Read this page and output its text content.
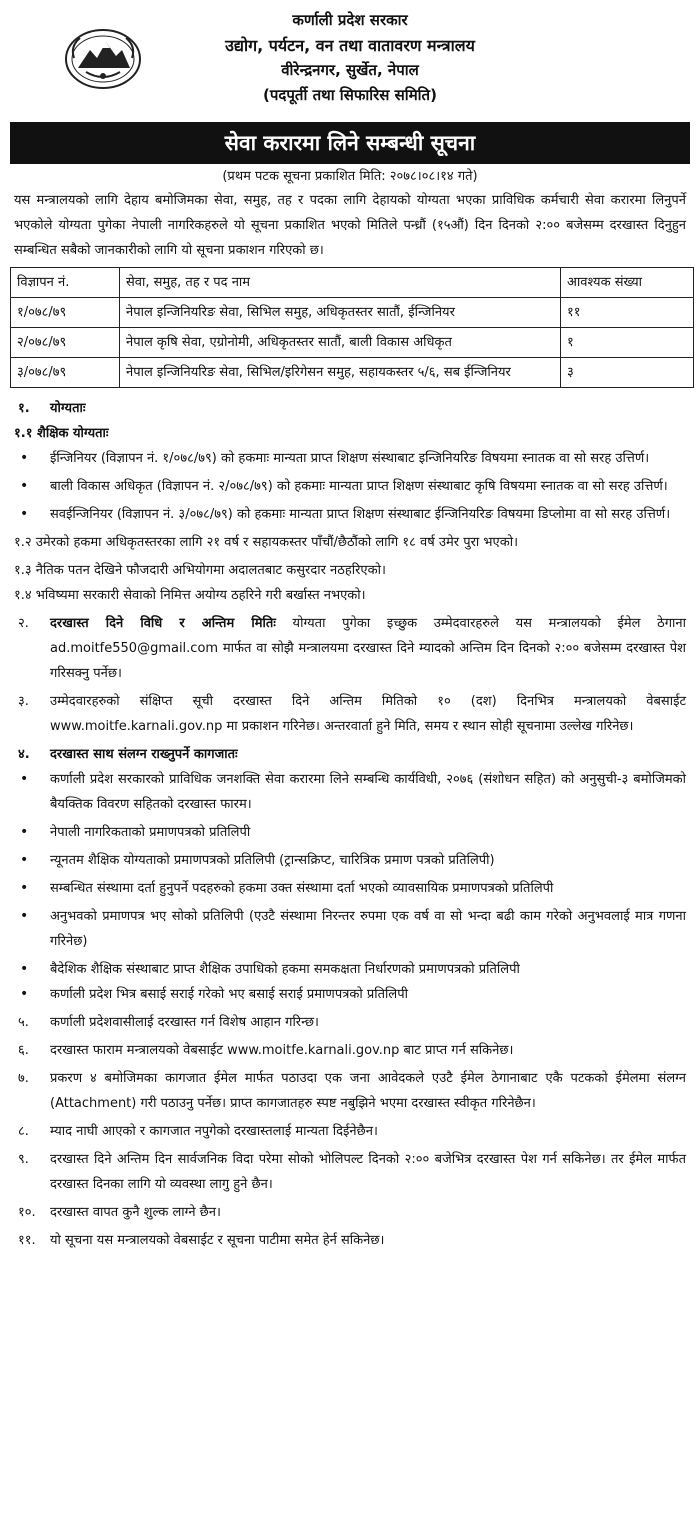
कर्णाली प्रदेश सरकार

उद्योग, पर्यटन, वन तथा वातावरण मन्त्रालय

वीरेन्द्रनगर, सुर्खेत, नेपाल

(पदपूर्ती तथा सिफारिस समिति)

सेवा करारमा लिने सम्बन्धी सूचना
(प्रथम पटक सूचना प्रकाशित मिति: २०७८।०८।१४ गते)
यस मन्त्रालयको लागि देहाय बमोजिमका सेवा, समुह, तह र पदका लागि देहायको योग्यता भएका प्राविधिक कर्मचारी सेवा करारमा लिनुपर्ने भएकोले योग्यता पुगेका नेपाली नागरिकहरुले यो सूचना प्रकाशित भएको मितिले पन्ध्रौं (१५औं) दिन दिनको २:०० बजेसम्म दरखास्त दिनुहुन सम्बन्धित सबैको जानकारीको लागि यो सूचना प्रकाशन गरिएको छ।
विज्ञापन नं.	सेवा, समुह, तह र पद नाम	आवश्यक संख्या
१/०७८/७९	नेपाल इन्जिनियरिङ सेवा, सिभिल समुह, अधिकृतस्तर सातौं, ईन्जिनियर	११
२/०७८/७९	नेपाल कृषि सेवा, एग्रोनोमी, अधिकृतस्तर सातौं, बाली विकास अधिकृत	१
३/०७८/७९	नेपाल इन्जिनियरिङ सेवा, सिभिल/इरिगेसन समुह, सहायकस्तर ५/६, सब ईन्जिनियर	३
१.	योग्यताः
१.१ शैक्षिक योग्यताः
•	ईन्जिनियर (विज्ञापन नं. १/०७८/७९) को हकमाः मान्यता प्राप्त शिक्षण संस्थाबाट इन्जिनियरिङ विषयमा स्नातक वा सो सरह उत्तिर्ण।
•	बाली विकास अधिकृत (विज्ञापन नं. २/०७८/७९) को हकमाः मान्यता प्राप्त शिक्षण संस्थाबाट कृषि विषयमा स्नातक वा सो सरह उत्तिर्ण।
•	सवईन्जिनियर (विज्ञापन नं. ३/०७८/७९) को हकमाः मान्यता प्राप्त शिक्षण संस्थाबाट ईन्जिनियरिङ विषयमा डिप्लोमा वा सो सरह उत्तिर्ण।
१.२ उमेरको हकमा अधिकृतस्तरका लागि २१ वर्ष र सहायकस्तर पाँचौं/छैठौंको लागि १८ वर्ष उमेर पुरा भएको।
१.३ नैतिक पतन देखिने फौजदारी अभियोगमा अदालतबाट कसुरदार नठहरिएको।
१.४ भविष्यमा सरकारी सेवाको निमित्त अयोग्य ठहरिने गरी बर्खास्त नभएको।
२.	दरखास्त दिने विधि र अन्तिम मितिः योग्यता पुगेका इच्छुक उम्मेदवारहरुले यस मन्त्रालयको ईमेल ठेगाना ad.moitfe550@gmail.com मार्फत वा सोझै मन्त्रालयमा दरखास्त दिने म्यादको अन्तिम दिन दिनको २:०० बजेसम्म दरखास्त पेश गरिसक्नु पर्नेछ।
३.	उम्मेदवारहरुको संक्षिप्त सूची दरखास्त दिने अन्तिम मितिको १० (दश) दिनभित्र मन्त्रालयको वेबसाईट www.moitfe.karnali.gov.np मा प्रकाशन गरिनेछ। अन्तरवार्ता हुने मिति, समय र स्थान सोही सूचनामा उल्लेख गरिनेछ।
४.	दरखास्त साथ संलग्न राख्नुपर्ने कागजातः
•	कर्णाली प्रदेश सरकारको प्राविधिक जनशक्ति सेवा करारमा लिने सम्बन्धि कार्यविधी, २०७६ (संशोधन सहित) को अनुसुची-३ बमोजिमको बैयक्तिक विवरण सहितको दरखास्त फारम।
•	नेपाली नागरिकताको प्रमाणपत्रको प्रतिलिपी
•	न्यूनतम शैक्षिक योग्यताको प्रमाणपत्रको प्रतिलिपी (ट्रान्सक्रिप्ट, चारित्रिक प्रमाण पत्रको प्रतिलिपी)
•	सम्बन्धित संस्थामा दर्ता हुनुपर्ने पदहरुको हकमा उक्त संस्थामा दर्ता भएको व्यावसायिक प्रमाणपत्रको प्रतिलिपी
•	अनुभवको प्रमाणपत्र भए सोको प्रतिलिपी (एउटै संस्थामा निरन्तर रुपमा एक वर्ष वा सो भन्दा बढी काम गरेको अनुभवलाई मात्र गणना गरिनेछ)
•	बैदेशिक शैक्षिक संस्थाबाट प्राप्त शैक्षिक उपाधिको हकमा समकक्षता निर्धारणको प्रमाणपत्रको प्रतिलिपी
•	कर्णाली प्रदेश भित्र बसाई सराई गरेको भए बसाई सराई प्रमाणपत्रको प्रतिलिपी
५.	कर्णाली प्रदेशवासीलाई दरखास्त गर्न विशेष आहान गरिन्छ।
६.	दरखास्त फाराम मन्त्रालयको वेबसाईट www.moitfe.karnali.gov.np बाट प्राप्त गर्न सकिनेछ।
७.	प्रकरण ४ बमोजिमका कागजात ईमेल मार्फत पठाउदा एक जना आवेदकले एउटै ईमेल ठेगानाबाट एकै पटकको ईमेलमा संलग्न (Attachment) गरी पठाउनु पर्नेछ। प्राप्त कागजातहरु स्पष्ट नबुझिने भएमा दरखास्त स्वीकृत गरिनेछैन।
८.	म्याद नाघी आएको र कागजात नपुगेको दरखास्तलाई मान्यता दिईनेछैन।
९.	दरखास्त दिने अन्तिम दिन सार्वजनिक विदा परेमा सोको भोलिपल्ट दिनको २:०० बजेभित्र दरखास्त पेश गर्न सकिनेछ। तर ईमेल मार्फत दरखास्त दिनका लागि यो व्यवस्था लागु हुने छैन।
१०.	दरखास्त वापत कुनै शुल्क लाग्ने छैन।
११.	यो सूचना यस मन्त्रालयको वेबसाईट र सूचना पाटीमा समेत हेर्न सकिनेछ।
